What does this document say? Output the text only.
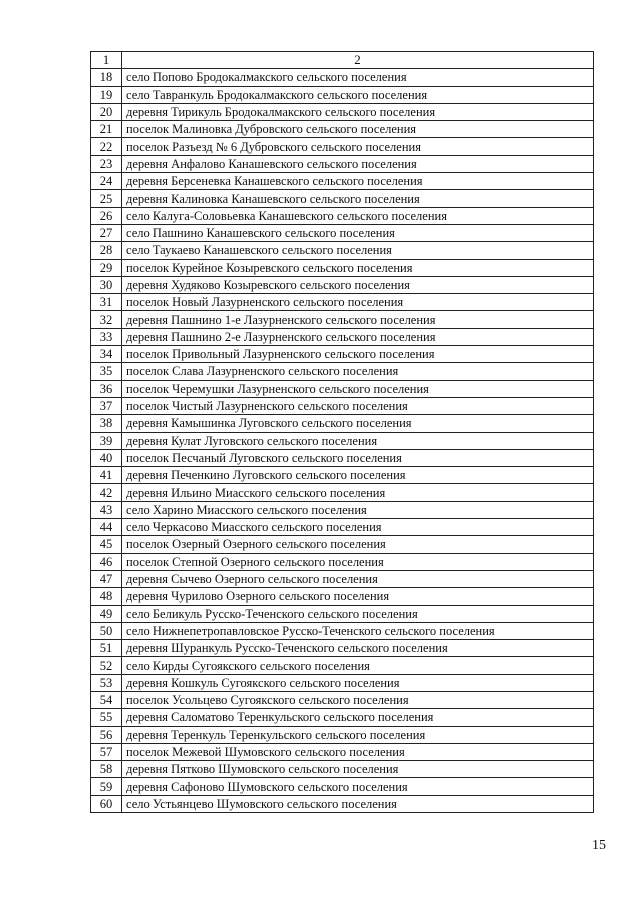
1	2
18	село Попово Бродокалмакского сельского поселения
19	село Тавранкуль Бродокалмакского сельского поселения
20	деревня Тирикуль Бродокалмакского сельского поселения
21	поселок Малиновка Дубровского сельского поселения
22	поселок Разъезд № 6 Дубровского сельского поселения
23	деревня Анфалово Канашевского сельского поселения
24	деревня Берсеневка Канашевского сельского поселения
25	деревня Калиновка Канашевского сельского поселения
26	село Калуга-Соловьевка Канашевского сельского поселения
27	село Пашнино Канашевского сельского поселения
28	село Таукаево Канашевского сельского поселения
29	поселок Курейное Козыревского сельского поселения
30	деревня Худяково Козыревского сельского поселения
31	поселок Новый Лазурненского сельского поселения
32	деревня Пашнино 1-е Лазурненского сельского поселения
33	деревня Пашнино 2-е Лазурненского сельского поселения
34	поселок Привольный Лазурненского сельского поселения
35	поселок Слава Лазурненского сельского поселения
36	поселок Черемушки Лазурненского сельского поселения
37	поселок Чистый Лазурненского сельского поселения
38	деревня Камышинка Луговского сельского поселения
39	деревня Кулат Луговского сельского поселения
40	поселок Песчаный Луговского сельского поселения
41	деревня Печенкино Луговского сельского поселения
42	деревня Ильино Миасского сельского поселения
43	село Харино Миасского сельского поселения
44	село Черкасово Миасского сельского поселения
45	поселок Озерный Озерного сельского поселения
46	поселок Степной Озерного сельского поселения
47	деревня Сычево Озерного сельского поселения
48	деревня Чурилово Озерного сельского поселения
49	село Беликуль Русско-Теченского сельского поселения
50	село Нижнепетропавловское Русско-Теченского сельского поселения
51	деревня Шуранкуль Русско-Теченского сельского поселения
52	село Кирды Сугоякского сельского поселения
53	деревня Кошкуль Сугоякского сельского поселения
54	поселок Усольцево Сугоякского сельского поселения
55	деревня Саломатово Теренкульского сельского поселения
56	деревня Теренкуль Теренкульского сельского поселения
57	поселок Межевой Шумовского сельского поселения
58	деревня Пятково Шумовского сельского поселения
59	деревня Сафоново Шумовского сельского поселения
60	село Устьянцево Шумовского сельского поселения
15
